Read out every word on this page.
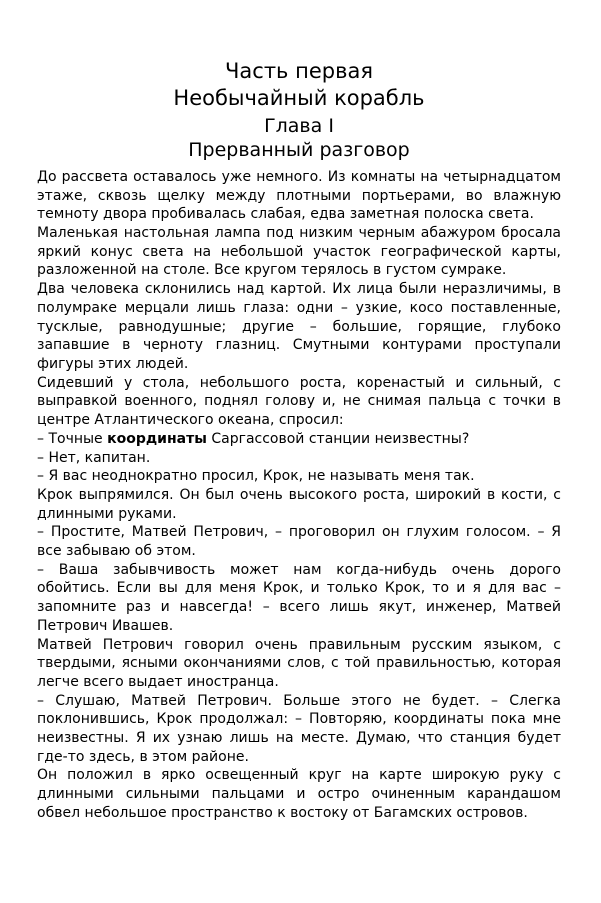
Часть первая
Необычайный корабль
Глава I
Прерванный разговор

До рассвета оставалось уже немного. Из комнаты на четырнадцатом этаже, сквозь щелку между плотными портьерами, во влажную темноту двора пробивалась слабая, едва заметная полоска света.

Маленькая настольная лампа под низким черным абажуром бросала яркий конус света на небольшой участок географической карты, разложенной на столе. Все кругом терялось в густом сумраке.

Два человека склонились над картой. Их лица были неразличимы, в полумраке мерцали лишь глаза: одни – узкие, косо поставленные, тусклые, равнодушные; другие – большие, горящие, глубоко запавшие в черноту глазниц. Смутными контурами проступали фигуры этих людей.

Сидевший у стола, небольшого роста, коренастый и сильный, с выправкой военного, поднял голову и, не снимая пальца с точки в центре Атлантического океана, спросил:

– Точные координаты Саргассовой станции неизвестны?

– Нет, капитан.

– Я вас неоднократно просил, Крок, не называть меня так.

Крок выпрямился. Он был очень высокого роста, широкий в кости, с длинными руками.

– Простите, Матвей Петрович, – проговорил он глухим голосом. – Я все забываю об этом.

– Ваша забывчивость может нам когда-нибудь очень дорого обойтись. Если вы для меня Крок, и только Крок, то и я для вас – запомните раз и навсегда! – всего лишь якут, инженер, Матвей Петрович Ивашев.

Матвей Петрович говорил очень правильным русским языком, с твердыми, ясными окончаниями слов, с той правильностью, которая легче всего выдает иностранца.

– Слушаю, Матвей Петрович. Больше этого не будет. – Слегка поклонившись, Крок продолжал: – Повторяю, координаты пока мне неизвестны. Я их узнаю лишь на месте. Думаю, что станция будет где-то здесь, в этом районе.

Он положил в ярко освещенный круг на карте широкую руку с длинными сильными пальцами и остро очиненным карандашом обвел небольшое пространство к востоку от Багамских островов.
